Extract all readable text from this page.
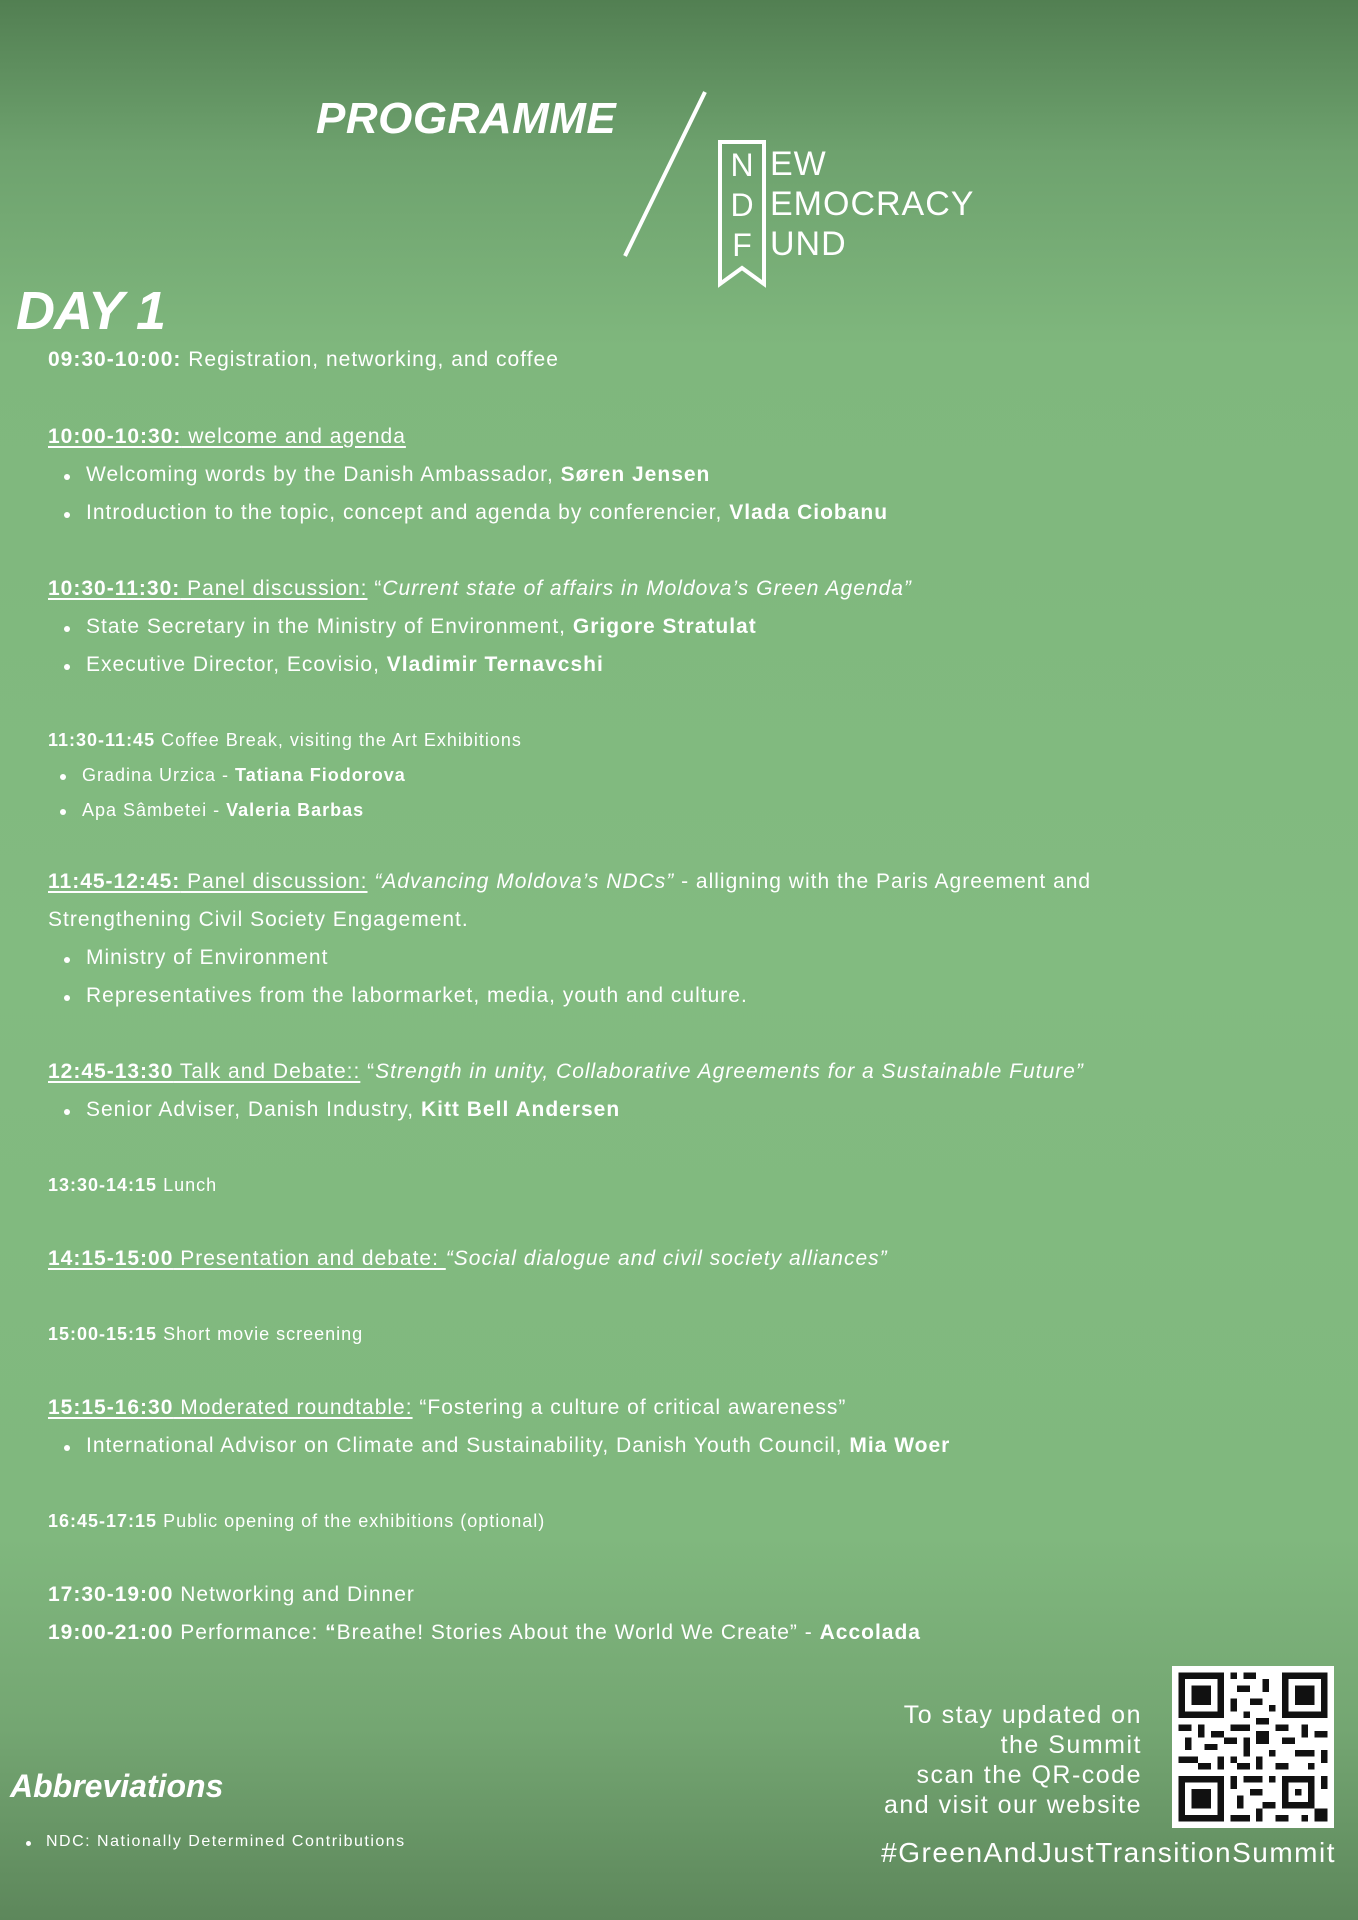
PROGRAMME
N
D
F
EW
EMOCRACY
UND
DAY 1
09:30-10:00: Registration, networking, and coffee
10:00-10:30: welcome and agenda
Welcoming words by the Danish Ambassador, Søren Jensen
Introduction to the topic, concept and agenda by conferencier, Vlada Ciobanu
10:30-11:30: Panel discussion: “Current state of affairs in Moldova’s Green Agenda”
State Secretary in the Ministry of Environment, Grigore Stratulat
Executive Director, Ecovisio, Vladimir Ternavcshi
11:30-11:45 Coffee Break, visiting the Art Exhibitions
Gradina Urzica - Tatiana Fiodorova
Apa Sâmbetei - Valeria Barbas
11:45-12:45: Panel discussion: “Advancing Moldova’s NDCs” - alligning with the Paris Agreement and
Strengthening Civil Society Engagement.
Ministry of Environment
Representatives from the labormarket, media, youth and culture.
12:45-13:30 Talk and Debate:: “Strength in unity, Collaborative Agreements for a Sustainable Future”
Senior Adviser, Danish Industry, Kitt Bell Andersen
13:30-14:15 Lunch
14:15-15:00 Presentation and debate: “Social dialogue and civil society alliances”
15:00-15:15 Short movie screening
15:15-16:30 Moderated roundtable: “Fostering a culture of critical awareness”
International Advisor on Climate and Sustainability, Danish Youth Council, Mia Woer
16:45-17:15 Public opening of the exhibitions (optional)
17:30-19:00 Networking and Dinner
19:00-21:00 Performance: “Breathe! Stories About the World We Create” - Accolada
To stay updated on
the Summit
scan the QR-code
and visit our website
#GreenAndJustTransitionSummit
Abbreviations
NDC: Nationally Determined Contributions
